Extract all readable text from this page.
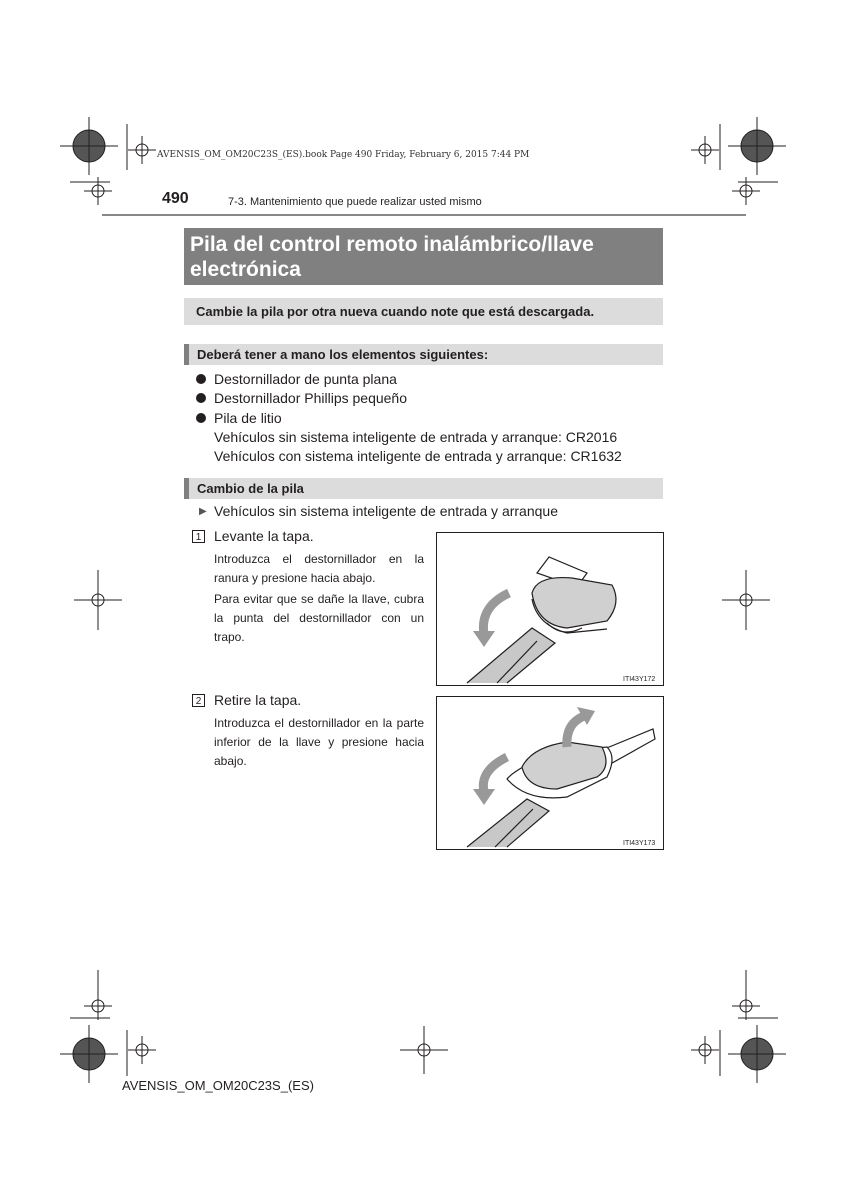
AVENSIS_OM_OM20C23S_(ES).book Page 490 Friday, February 6, 2015 7:44 PM
490	7-3. Mantenimiento que puede realizar usted mismo
Pila del control remoto inalámbrico/llave
electrónica
Cambie la pila por otra nueva cuando note que está descargada.
Deberá tener a mano los elementos siguientes:
Destornillador de punta plana
Destornillador Phillips pequeño
Pila de litio
Vehículos sin sistema inteligente de entrada y arranque: CR2016
Vehículos con sistema inteligente de entrada y arranque: CR1632
Cambio de la pila
▶ Vehículos sin sistema inteligente de entrada y arranque
1 Levante la tapa.
Introduzca el destornillador en la ranura y presione hacia abajo.
Para evitar que se dañe la llave, cubra la punta del destornillador con un trapo.
ITI43Y172
2 Retire la tapa.
Introduzca el destornillador en la parte inferior de la llave y presione hacia abajo.
ITI43Y173
AVENSIS_OM_OM20C23S_(ES)
